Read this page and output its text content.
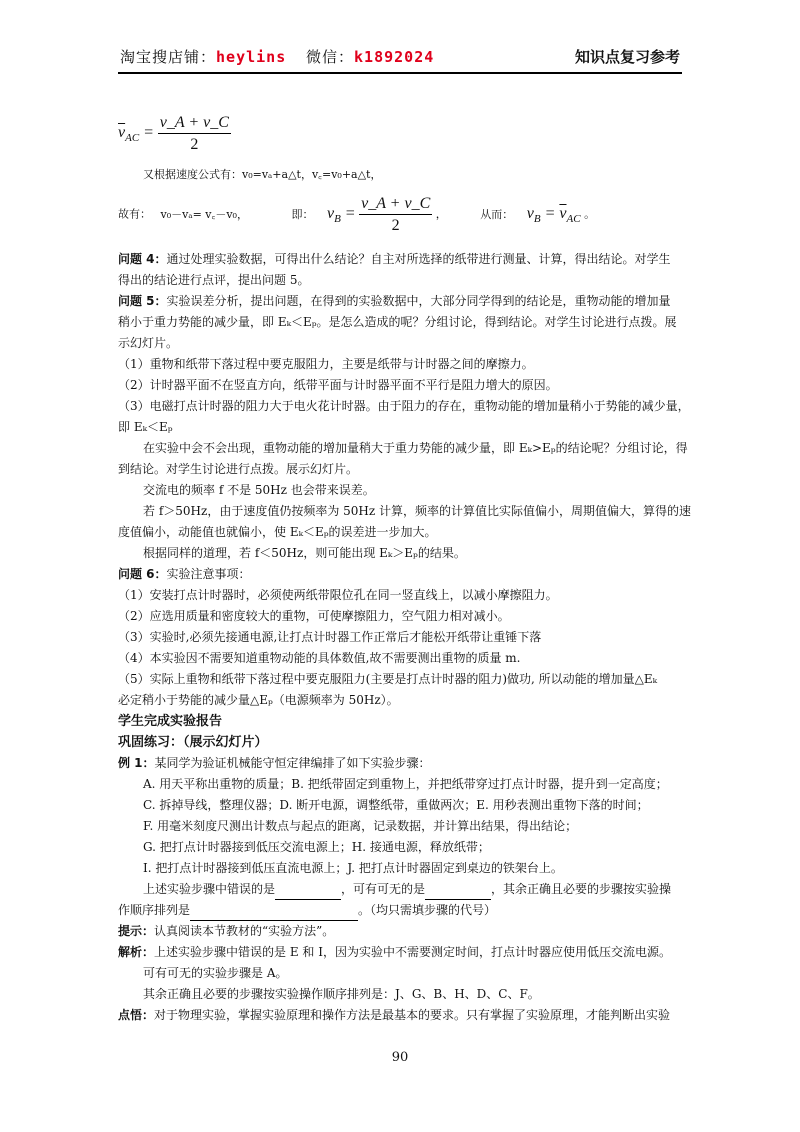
淘宝搜店铺：heylins 微信：k1892024	知识点复习参考
$\overline{v}_{AC} = \frac{v\_A + v\_C}{2}$
又根据速度公式有：v₀=vₐ+a△t，v꜀=v₀+a△t，
故有： v₀－vₐ= v꜀－v₀，	即： $v_B = \frac{v\_A + v\_C}{2}$ ，	从而： $v_B = \overline{v}_{AC}$ 。
问题 4：通过处理实验数据，可得出什么结论？自主对所选择的纸带进行测量、计算，得出结论。对学生
得出的结论进行点评，提出问题 5。
问题 5：实验误差分析，提出问题，在得到的实验数据中，大部分同学得到的结论是，重物动能的增加量
稍小于重力势能的减少量，即 Eₖ＜Eₚ。是怎么造成的呢？分组讨论，得到结论。对学生讨论进行点拨。展
示幻灯片。
（1）重物和纸带下落过程中要克服阻力，主要是纸带与计时器之间的摩擦力。
（2）计时器平面不在竖直方向，纸带平面与计时器平面不平行是阻力增大的原因。
（3）电磁打点计时器的阻力大于电火花计时器。由于阻力的存在，重物动能的增加量稍小于势能的减少量，
即 Eₖ＜Eₚ
在实验中会不会出现，重物动能的增加量稍大于重力势能的减少量，即 Eₖ>Eₚ的结论呢？分组讨论，得
到结论。对学生讨论进行点拨。展示幻灯片。
交流电的频率 f 不是 50Hz 也会带来误差。
若 f＞50Hz，由于速度值仍按频率为 50Hz 计算，频率的计算值比实际值偏小，周期值偏大，算得的速
度值偏小，动能值也就偏小，使 Eₖ＜Eₚ的误差进一步加大。
根据同样的道理，若 f＜50Hz，则可能出现 Eₖ＞Eₚ的结果。
问题 6：实验注意事项：
（1）安装打点计时器时，必须使两纸带限位孔在同一竖直线上，以减小摩擦阻力。
（2）应选用质量和密度较大的重物，可使摩擦阻力，空气阻力相对减小。
（3）实验时,必须先接通电源,让打点计时器工作正常后才能松开纸带让重锤下落
（4）本实验因不需要知道重物动能的具体数值,故不需要测出重物的质量 m.
（5）实际上重物和纸带下落过程中要克服阻力(主要是打点计时器的阻力)做功, 所以动能的增加量△Eₖ
必定稍小于势能的减少量△Eₚ（电源频率为 50Hz）。
学生完成实验报告
巩固练习：（展示幻灯片）
例 1：某同学为验证机械能守恒定律编排了如下实验步骤：
A. 用天平称出重物的质量；B. 把纸带固定到重物上，并把纸带穿过打点计时器，提升到一定高度；
C. 拆掉导线，整理仪器；D. 断开电源，调整纸带，重做两次；E. 用秒表测出重物下落的时间；
F. 用毫米刻度尺测出计数点与起点的距离，记录数据，并计算出结果，得出结论；
G. 把打点计时器接到低压交流电源上；H. 接通电源，释放纸带；
I. 把打点计时器接到低压直流电源上；J. 把打点计时器固定到桌边的铁架台上。
上述实验步骤中错误的是	，可有可无的是	，其余正确且必要的步骤按实验操
作顺序排列是	。（均只需填步骤的代号）
提示：认真阅读本节教材的“实验方法”。
解析：上述实验步骤中错误的是 E 和 I，因为实验中不需要测定时间，打点计时器应使用低压交流电源。
可有可无的实验步骤是 A。
其余正确且必要的步骤按实验操作顺序排列是：J、G、B、H、D、C、F。
点悟：对于物理实验，掌握实验原理和操作方法是最基本的要求。只有掌握了实验原理，才能判断出实验
90
